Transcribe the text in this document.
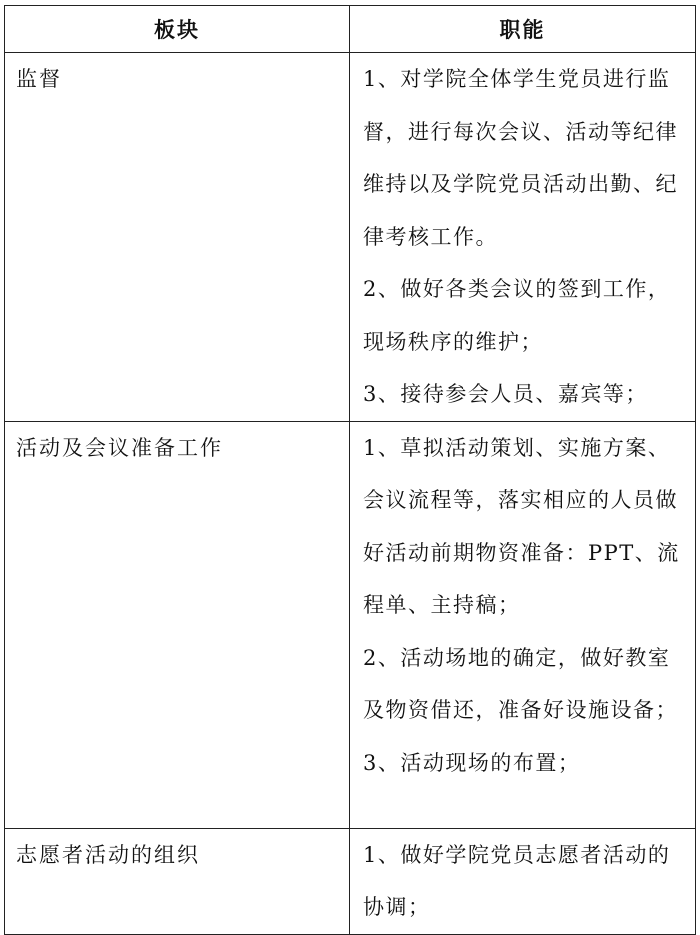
板块	职能
监督	1、对学院全体学生党员进行监督，进行每次会议、活动等纪律维持以及学院党员活动出勤、纪律考核工作。

2、做好各类会议的签到工作，现场秩序的维护；

3、接待参会人员、嘉宾等；

活动及会议准备工作	1、草拟活动策划、实施方案、会议流程等，落实相应的人员做好活动前期物资准备：PPT、流程单、主持稿；

2、活动场地的确定，做好教室及物资借还，准备好设施设备；

3、活动现场的布置；

志愿者活动的组织	1、做好学院党员志愿者活动的协调；
